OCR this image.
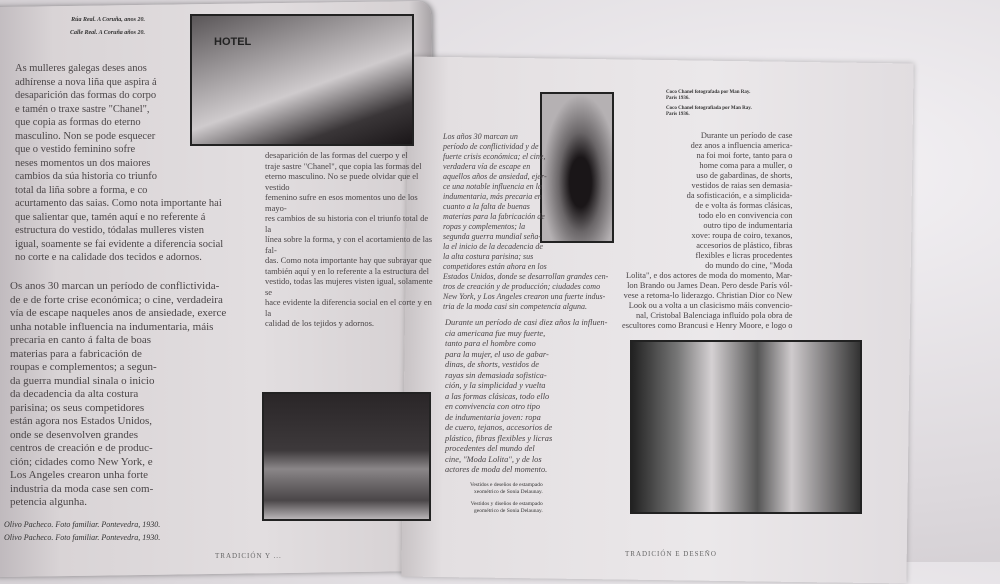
HOTEL
Rúa Real. A Coruña, anos 20.
Calle Real. A Coruña años 20.
As mulleres galegas deses anos
adhírense a nova liña que aspira á
desaparición das formas do corpo
e tamén o traxe sastre "Chanel",
que copia as formas do eterno
masculino. Non se pode esquecer
que o vestido feminino sofre
neses momentos un dos maiores
cambios da súa historia co triunfo
total da liña sobre a forma, e co
acurtamento das saias. Como nota importante hai
que salientar que, tamén aquí e no referente á
estructura do vestido, tódalas mulleres visten
igual, soamente se fai evidente a diferencia social
no corte e na calidade dos tecidos e adornos.
Os anos 30 marcan un período de conflictivida-
de e de forte crise económica; o cine, verdadeira
vía de escape naqueles anos de ansiedade, exerce
unha notable influencia na indumentaria, máis
precaria en canto á falta de boas
materias para a fabricación de
roupas e complementos; a segun-
da guerra mundial sinala o inicio
da decadencia da alta costura
parisina; os seus competidores
están agora nos Estados Unidos,
onde se desenvolven grandes
centros de creación e de produc-
ción; cidades como New York, e
Los Angeles crearon unha forte
industria da moda case sen com-
petencia algunha.
desaparición de las formas del cuerpo y el
traje sastre "Chanel", que copia las formas del
eterno masculino. No se puede olvidar que el vestido
femenino sufre en esos momentos uno de los mayo-
res cambios de su historia con el triunfo total de la
línea sobre la forma, y con el acortamiento de las fal-
das. Como nota importante hay que subrayar que
también aquí y en lo referente a la estructura del
vestido, todas las mujeres visten igual, solamente se
hace evidente la diferencia social en el corte y en la
calidad de los tejidos y adornos.
Olivo Pacheco. Foto familiar. Pontevedra, 1930.
Olivo Pacheco. Foto familiar. Pontevedra, 1930.
TRADICIÓN Y ...
Coco Chanel fotografada por Man Ray.
París 1936.
Coco Chanel fotografiada por Man Ray.
París 1936.
Los años 30 marcan un
período de conflictividad y de
fuerte crisis económica; el cine,
verdadera vía de escape en
aquellos años de ansiedad, ejer-
ce una notable influencia en la
indumentaria, más precaria en
cuanto a la falta de buenas
materias para la fabricación de
ropas y complementos; la
segunda guerra mundial seña-
la el inicio de la decadencia de
la alta costura parisina; sus
competidores están ahora en los
Estados Unidos, donde se desarrollan grandes cen-
tros de creación y de producción; ciudades como
New York, y Los Angeles crearon una fuerte indus-
tria de la moda casi sin competencia alguna.
Durante un período de case
dez anos a influencia america-
na foi moi forte, tanto para o
home coma para a muller, o
uso de gabardinas, de shorts,
vestidos de raias sen demasia-
da sofisticación, e a simplicida-
de e volta ás formas clásicas,
todo elo en convivencia con
outro tipo de indumentaria
xove: roupa de coiro, texanos,
accesorios de plástico, fibras
flexibles e licras procedentes
do mundo do cine, "Moda
Lolita", e dos actores de moda do momento, Mar-
lon Brando ou James Dean. Pero desde París vól-
vese a retoma-lo liderazgo. Christian Dior co New
Look ou a volta a un clasicismo máis convencio-
nal, Cristobal Balenciaga influído pola obra de
escultores como Brancusi e Henry Moore, e logo o
Durante un período de casi diez años la influen-
cia americana fue muy fuerte,
tanto para el hombre como
para la mujer, el uso de gabar-
dinas, de shorts, vestidos de
rayas sin demasiada sofistica-
ción, y la simplicidad y vuelta
a las formas clásicas, todo ello
en convivencia con otro tipo
de indumentaria joven: ropa
de cuero, tejanos, accesorios de
plástico, fibras flexibles y licras
procedentes del mundo del
cine, "Moda Lolita", y de los
actores de moda del momento.
Vestidos e deseños de estampado
xeométrico de Sonia Delaunay.
Vestidos y diseños de estampado
geométrico de Sonia Delaunay.
TRADICIÓN E DESEÑO
